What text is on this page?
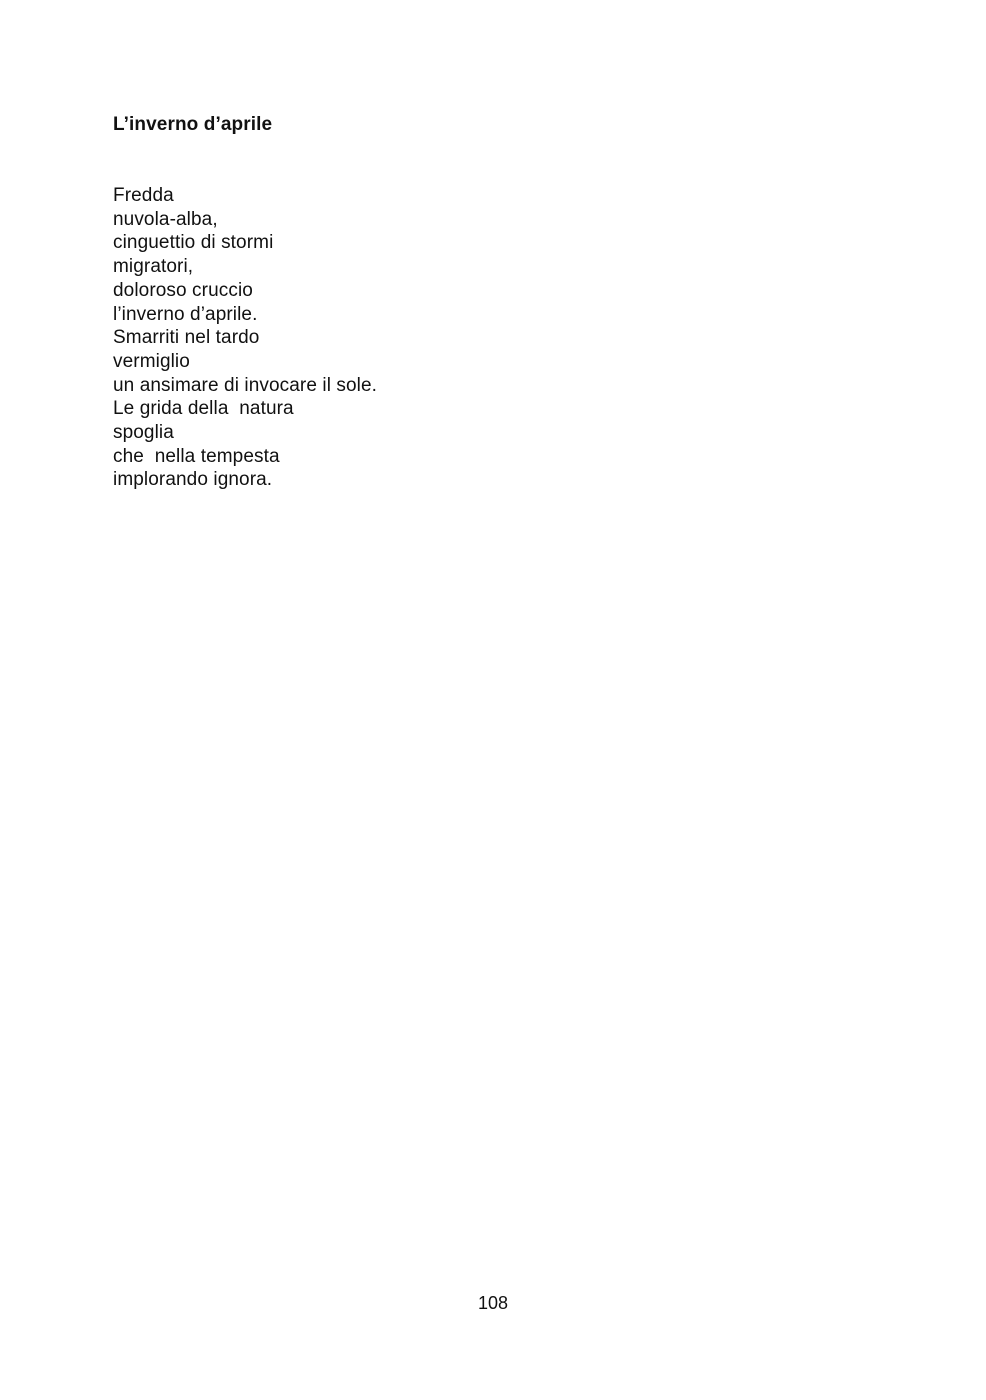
L’inverno d’aprile
Fredda
nuvola-alba,
cinguettio di stormi
migratori,
doloroso cruccio
l’inverno d’aprile.
Smarriti nel tardo
vermiglio
un ansimare di invocare il sole.
Le grida della  natura
spoglia
che  nella tempesta
implorando ignora.
108
